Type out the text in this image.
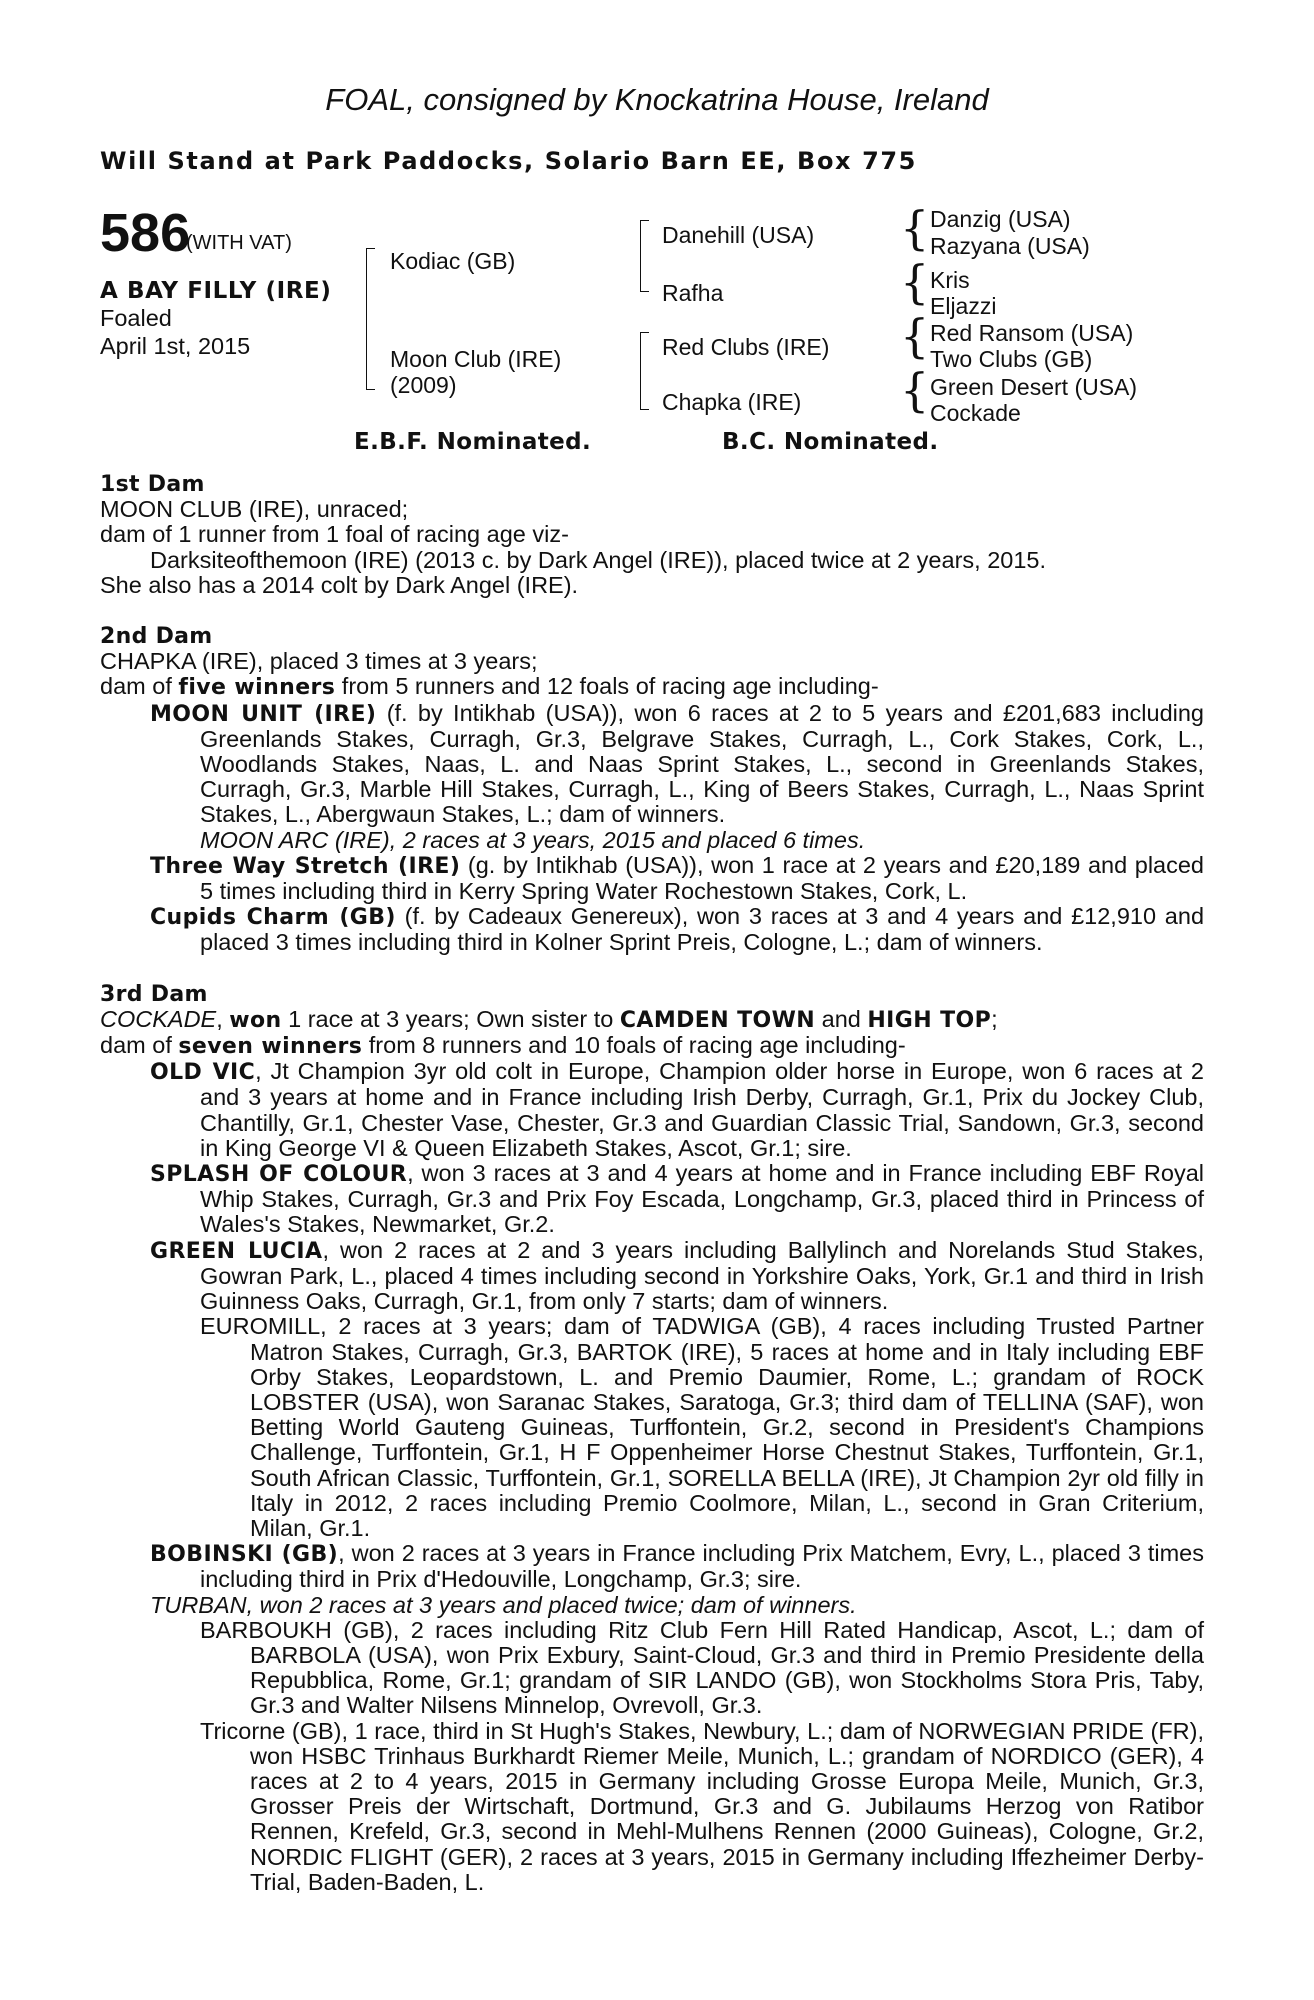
FOAL, consigned by Knockatrina House, Ireland
Will Stand at Park Paddocks, Solario Barn EE, Box 775
586
(WITH VAT)
A BAY FILLY (IRE)
Foaled
April 1st, 2015
Kodiac (GB)
Moon Club (IRE)
(2009)
Danehill (USA)
Rafha
Red Clubs (IRE)
Chapka (IRE)
{
{
{
{
Danzig (USA)
Razyana (USA)
Kris
Eljazzi
Red Ransom (USA)
Two Clubs (GB)
Green Desert (USA)
Cockade
E.B.F. Nominated.	B.C. Nominated.

1st Dam

MOON CLUB (IRE), unraced;

dam of 1 runner from 1 foal of racing age viz-

Darksiteofthemoon (IRE) (2013 c. by Dark Angel (IRE)), placed twice at 2 years, 2015.

She also has a 2014 colt by Dark Angel (IRE).

2nd Dam

CHAPKA (IRE), placed 3 times at 3 years;

dam of five winners from 5 runners and 12 foals of racing age including-

MOON UNIT (IRE) (f. by Intikhab (USA)), won 6 races at 2 to 5 years and £201,683 including Greenlands Stakes, Curragh, Gr.3, Belgrave Stakes, Curragh, L., Cork Stakes, Cork, L., Woodlands Stakes, Naas, L. and Naas Sprint Stakes, L., second in Greenlands Stakes, Curragh, Gr.3, Marble Hill Stakes, Curragh, L., King of Beers Stakes, Curragh, L., Naas Sprint Stakes, L., Abergwaun Stakes, L.; dam of winners.

MOON ARC (IRE), 2 races at 3 years, 2015 and placed 6 times.

Three Way Stretch (IRE) (g. by Intikhab (USA)), won 1 race at 2 years and £20,189 and placed 5 times including third in Kerry Spring Water Rochestown Stakes, Cork, L.

Cupids Charm (GB) (f. by Cadeaux Genereux), won 3 races at 3 and 4 years and £12,910 and placed 3 times including third in Kolner Sprint Preis, Cologne, L.; dam of winners.

3rd Dam

COCKADE, won 1 race at 3 years; Own sister to CAMDEN TOWN and HIGH TOP;

dam of seven winners from 8 runners and 10 foals of racing age including-

OLD VIC, Jt Champion 3yr old colt in Europe, Champion older horse in Europe, won 6 races at 2 and 3 years at home and in France including Irish Derby, Curragh, Gr.1, Prix du Jockey Club, Chantilly, Gr.1, Chester Vase, Chester, Gr.3 and Guardian Classic Trial, Sandown, Gr.3, second in King George VI & Queen Elizabeth Stakes, Ascot, Gr.1; sire.

SPLASH OF COLOUR, won 3 races at 3 and 4 years at home and in France including EBF Royal Whip Stakes, Curragh, Gr.3 and Prix Foy Escada, Longchamp, Gr.3, placed third in Princess of Wales's Stakes, Newmarket, Gr.2.

GREEN LUCIA, won 2 races at 2 and 3 years including Ballylinch and Norelands Stud Stakes, Gowran Park, L., placed 4 times including second in Yorkshire Oaks, York, Gr.1 and third in Irish Guinness Oaks, Curragh, Gr.1, from only 7 starts; dam of winners.

EUROMILL, 2 races at 3 years; dam of TADWIGA (GB), 4 races including Trusted Partner Matron Stakes, Curragh, Gr.3, BARTOK (IRE), 5 races at home and in Italy including EBF Orby Stakes, Leopardstown, L. and Premio Daumier, Rome, L.; grandam of ROCK LOBSTER (USA), won Saranac Stakes, Saratoga, Gr.3; third dam of TELLINA (SAF), won Betting World Gauteng Guineas, Turffontein, Gr.2, second in President's Champions Challenge, Turffontein, Gr.1, H F Oppenheimer Horse Chestnut Stakes, Turffontein, Gr.1, South African Classic, Turffontein, Gr.1, SORELLA BELLA (IRE), Jt Champion 2yr old filly in Italy in 2012, 2 races including Premio Coolmore, Milan, L., second in Gran Criterium, Milan, Gr.1.

BOBINSKI (GB), won 2 races at 3 years in France including Prix Matchem, Evry, L., placed 3 times including third in Prix d'Hedouville, Longchamp, Gr.3; sire.

TURBAN, won 2 races at 3 years and placed twice; dam of winners.

BARBOUKH (GB), 2 races including Ritz Club Fern Hill Rated Handicap, Ascot, L.; dam of BARBOLA (USA), won Prix Exbury, Saint-Cloud, Gr.3 and third in Premio Presidente della Repubblica, Rome, Gr.1; grandam of SIR LANDO (GB), won Stockholms Stora Pris, Taby, Gr.3 and Walter Nilsens Minnelop, Ovrevoll, Gr.3.

Tricorne (GB), 1 race, third in St Hugh's Stakes, Newbury, L.; dam of NORWEGIAN PRIDE (FR), won HSBC Trinhaus Burkhardt Riemer Meile, Munich, L.; grandam of NORDICO (GER), 4 races at 2 to 4 years, 2015 in Germany including Grosse Europa Meile, Munich, Gr.3, Grosser Preis der Wirtschaft, Dortmund, Gr.3 and G. Jubilaums Herzog von Ratibor Rennen, Krefeld, Gr.3, second in Mehl-Mulhens Rennen (2000 Guineas), Cologne, Gr.2, NORDIC FLIGHT (GER), 2 races at 3 years, 2015 in Germany including Iffezheimer Derby-Trial, Baden-Baden, L.
